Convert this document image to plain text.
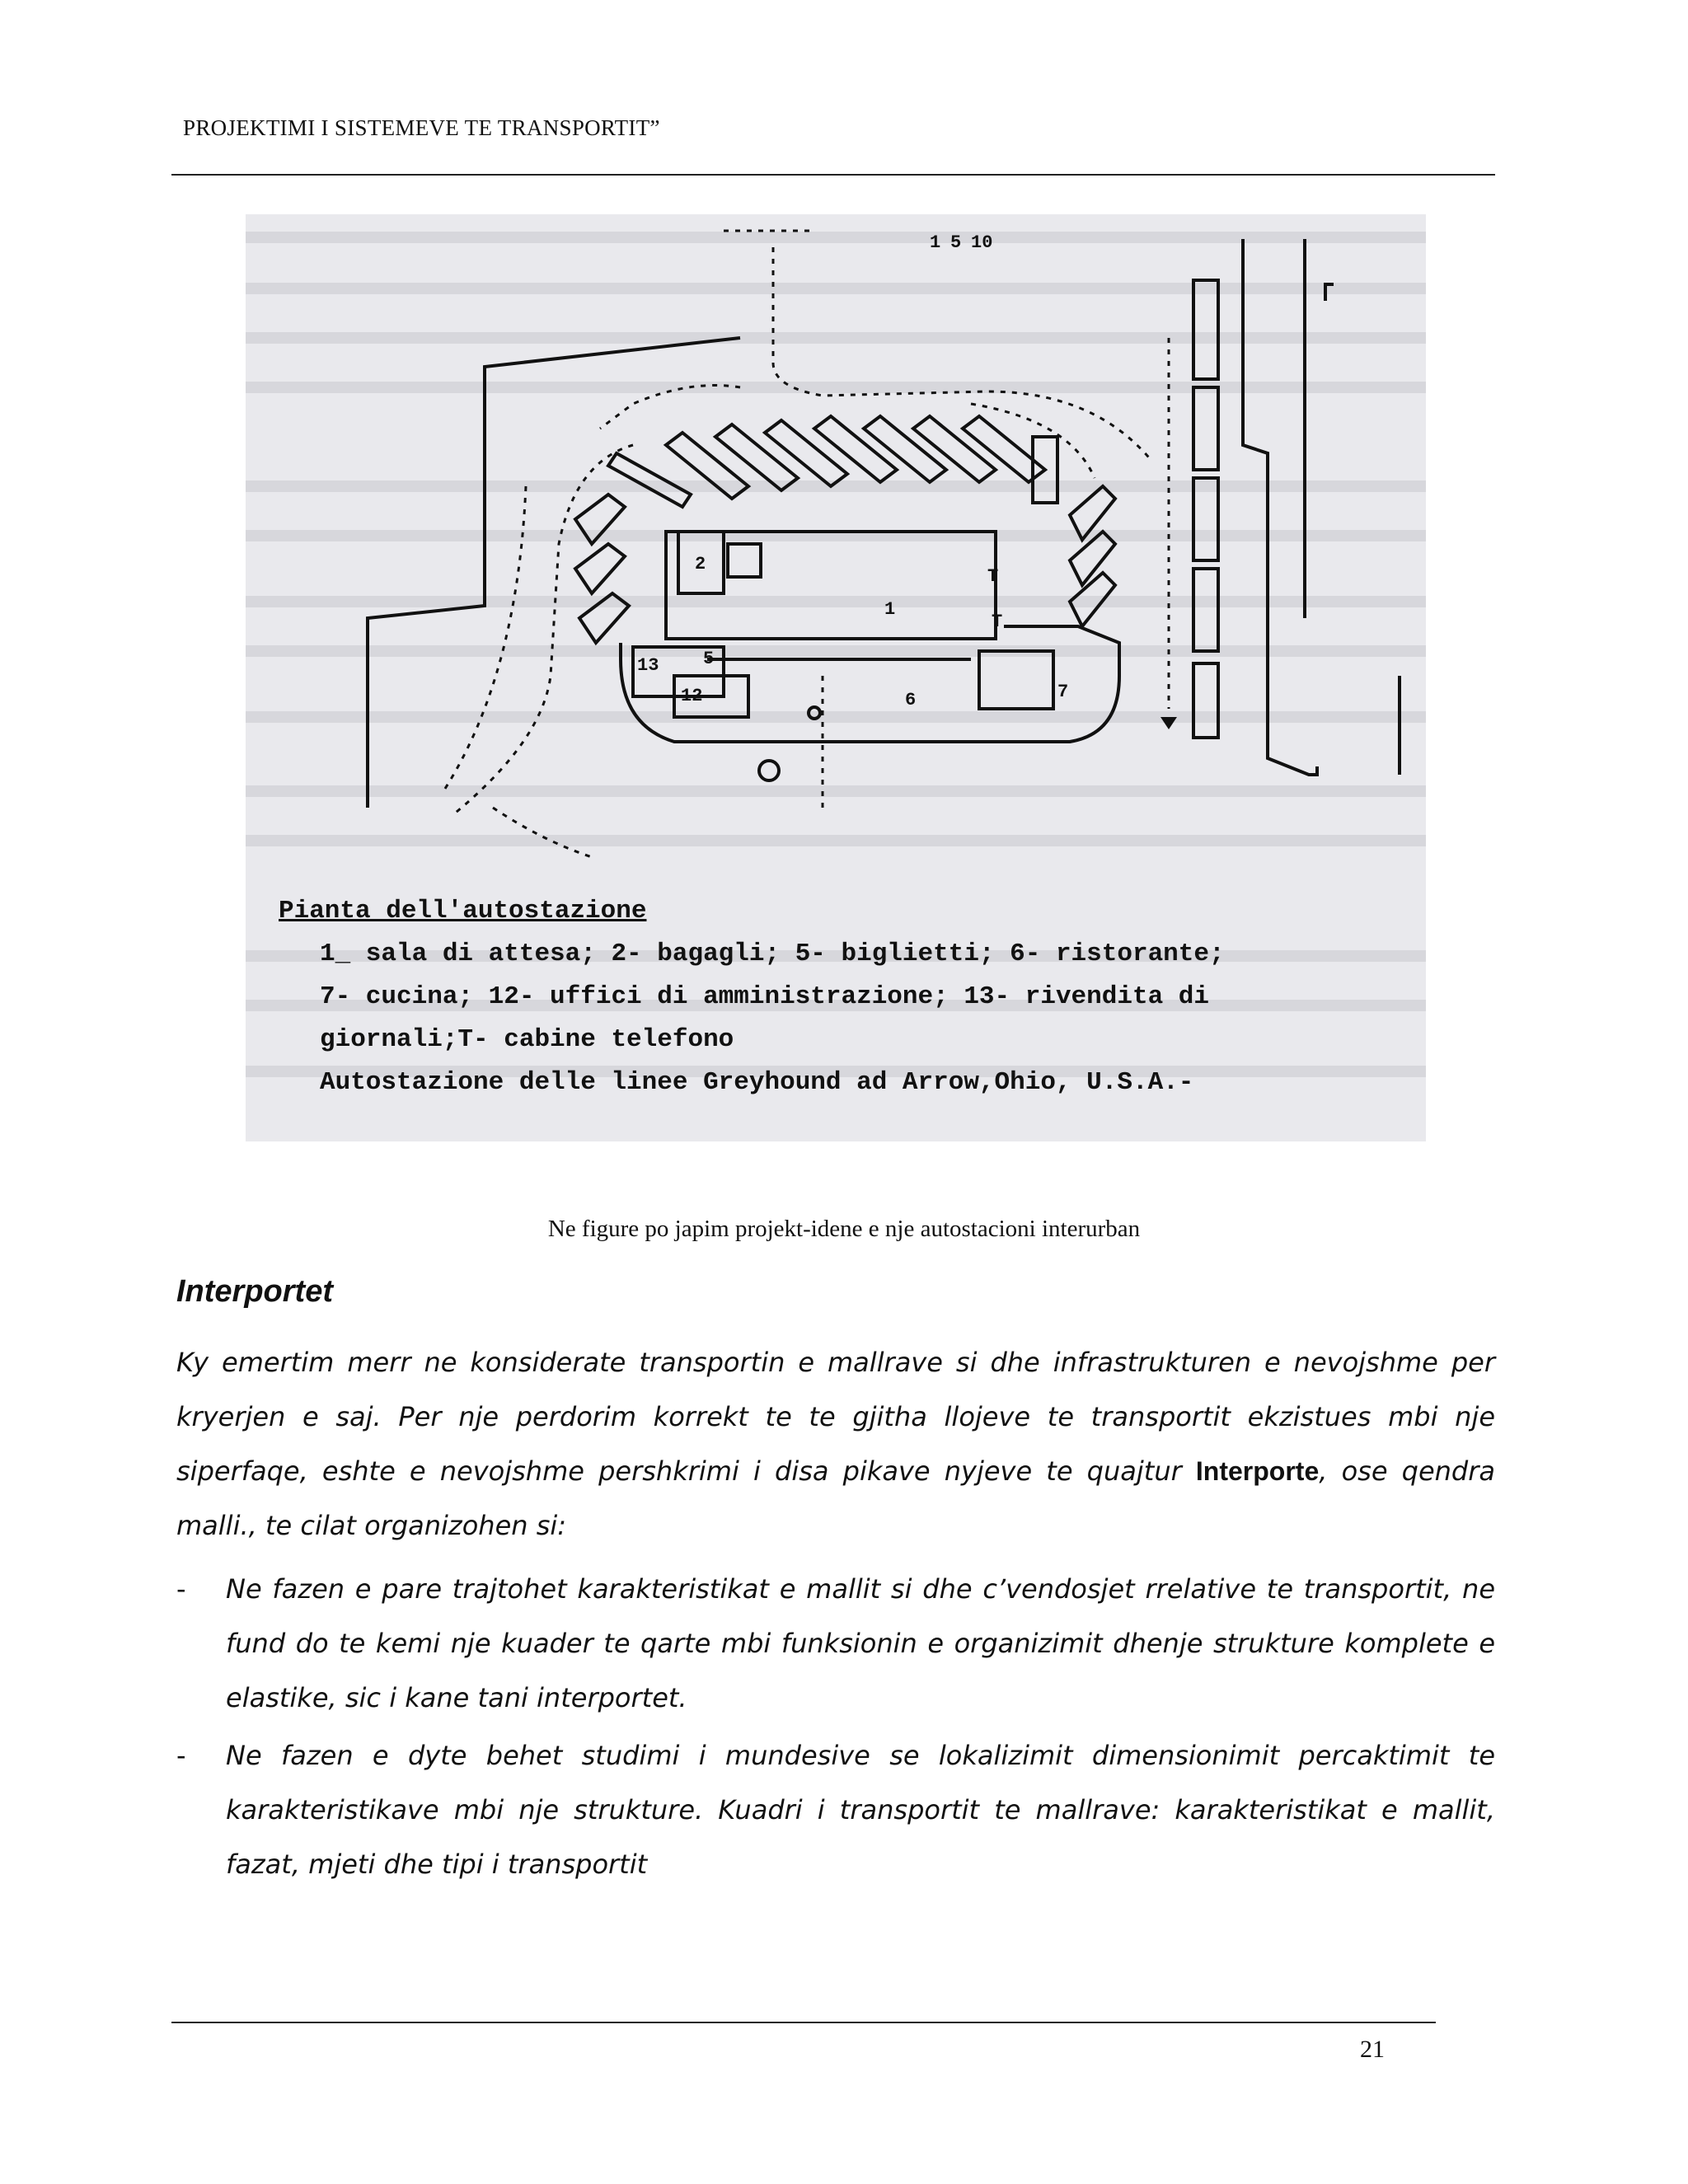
PROJEKTIMI I SISTEMEVE TE TRANSPORTIT”
1
2
5
6	7
12
13
T
T
1 5 10
Pianta dell'autostazione
1_ sala di attesa; 2- bagagli; 5- biglietti; 6- ristorante;
7- cucina; 12- uffici di amministrazione; 13- rivendita di
giornali;T- cabine telefono
Autostazione delle linee Greyhound ad Arrow,Ohio, U.S.A.-
Ne figure po japim projekt-idene e nje autostacioni interurban
Interportet
Ky emertim merr ne konsiderate transportin e mallrave si dhe infrastrukturen e nevojshme per kryerjen e saj. Per nje perdorim korrekt te te gjitha llojeve te transportit ekzistues mbi nje siperfaqe, eshte e nevojshme pershkrimi i disa pikave nyjeve te quajtur Interporte, ose qendra malli., te cilat organizohen si:
- Ne fazen e pare trajtohet karakteristikat e mallit si dhe c’vendosjet rrelative te transportit, ne fund do te kemi nje kuader te qarte mbi funksionin e organizimit dhenje strukture komplete e elastike, sic i kane tani interportet.
- Ne fazen e dyte behet studimi i mundesive se lokalizimit dimensionimit percaktimit te karakteristikave mbi nje strukture. Kuadri i transportit te mallrave: karakteristikat e mallit, fazat, mjeti dhe tipi i transportit
21
